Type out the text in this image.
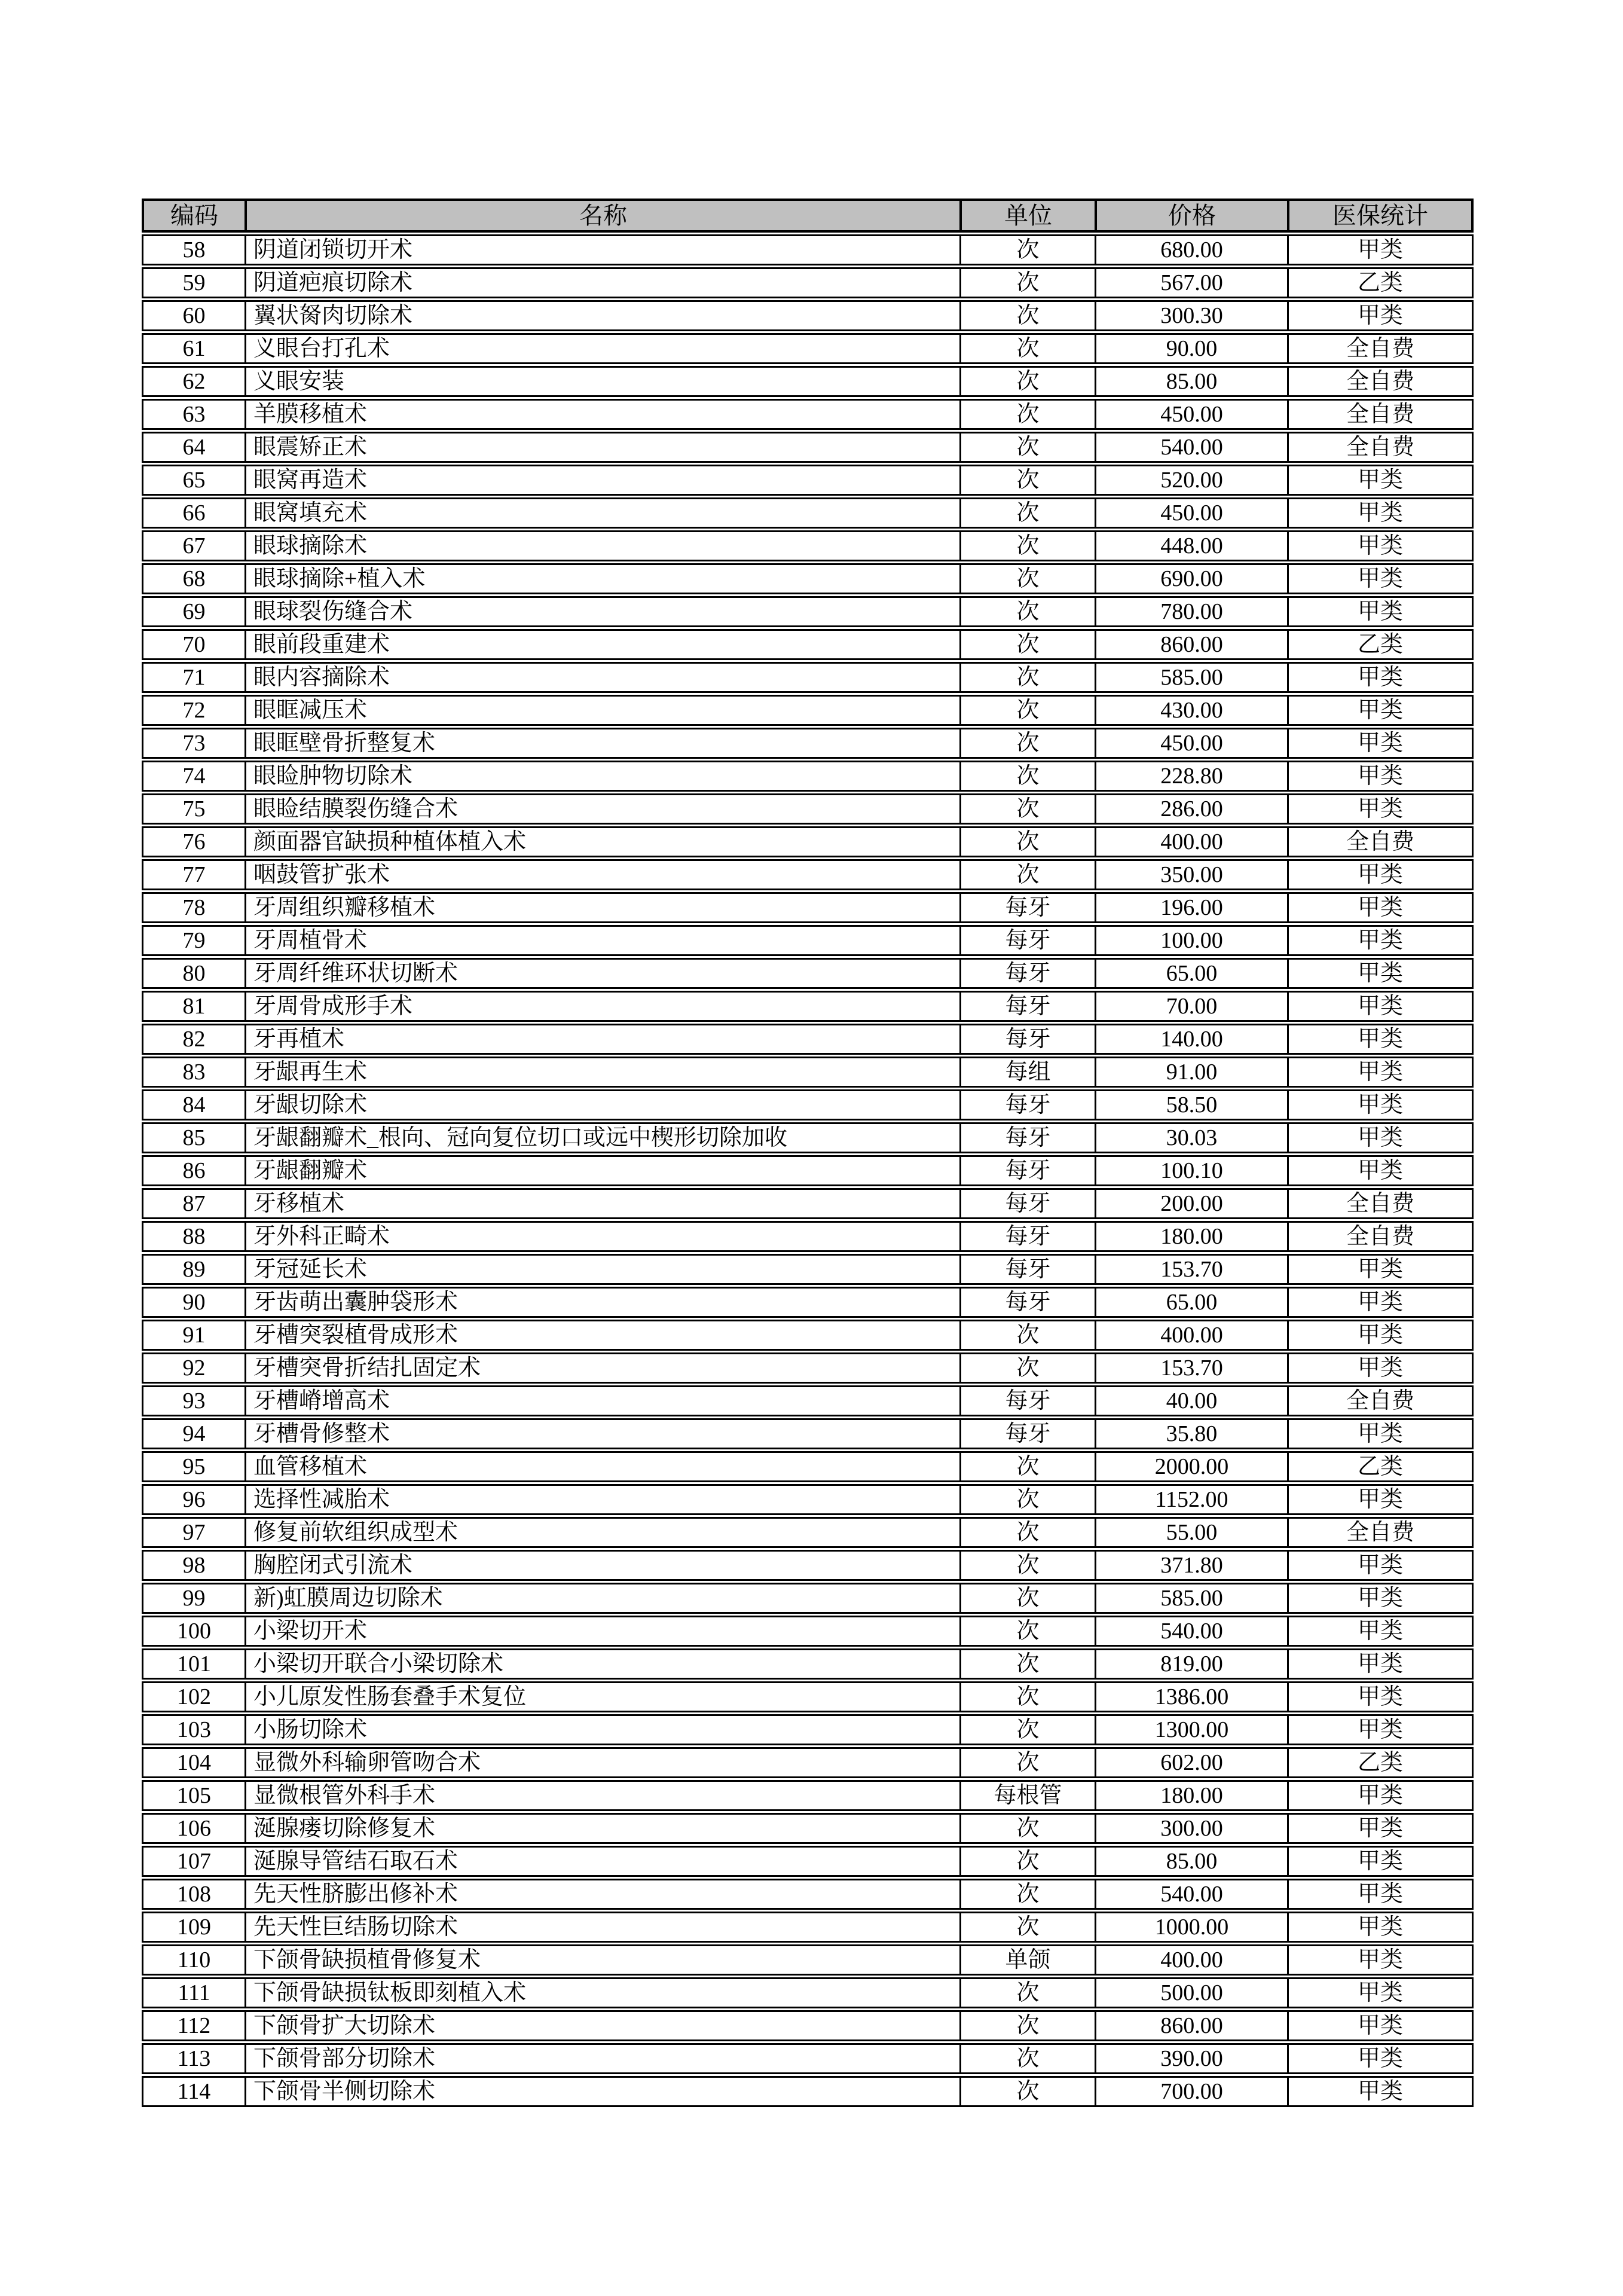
编码	名称	单位	价格	医保统计
58	阴道闭锁切开术	次	680.00	甲类
59	阴道疤痕切除术	次	567.00	乙类
60	翼状胬肉切除术	次	300.30	甲类
61	义眼台打孔术	次	90.00	全自费
62	义眼安装	次	85.00	全自费
63	羊膜移植术	次	450.00	全自费
64	眼震矫正术	次	540.00	全自费
65	眼窝再造术	次	520.00	甲类
66	眼窝填充术	次	450.00	甲类
67	眼球摘除术	次	448.00	甲类
68	眼球摘除+植入术	次	690.00	甲类
69	眼球裂伤缝合术	次	780.00	甲类
70	眼前段重建术	次	860.00	乙类
71	眼内容摘除术	次	585.00	甲类
72	眼眶减压术	次	430.00	甲类
73	眼眶壁骨折整复术	次	450.00	甲类
74	眼睑肿物切除术	次	228.80	甲类
75	眼睑结膜裂伤缝合术	次	286.00	甲类
76	颜面器官缺损种植体植入术	次	400.00	全自费
77	咽鼓管扩张术	次	350.00	甲类
78	牙周组织瓣移植术	每牙	196.00	甲类
79	牙周植骨术	每牙	100.00	甲类
80	牙周纤维环状切断术	每牙	65.00	甲类
81	牙周骨成形手术	每牙	70.00	甲类
82	牙再植术	每牙	140.00	甲类
83	牙龈再生术	每组	91.00	甲类
84	牙龈切除术	每牙	58.50	甲类
85	牙龈翻瓣术_根向、冠向复位切口或远中楔形切除加收	每牙	30.03	甲类
86	牙龈翻瓣术	每牙	100.10	甲类
87	牙移植术	每牙	200.00	全自费
88	牙外科正畸术	每牙	180.00	全自费
89	牙冠延长术	每牙	153.70	甲类
90	牙齿萌出囊肿袋形术	每牙	65.00	甲类
91	牙槽突裂植骨成形术	次	400.00	甲类
92	牙槽突骨折结扎固定术	次	153.70	甲类
93	牙槽嵴增高术	每牙	40.00	全自费
94	牙槽骨修整术	每牙	35.80	甲类
95	血管移植术	次	2000.00	乙类
96	选择性减胎术	次	1152.00	甲类
97	修复前软组织成型术	次	55.00	全自费
98	胸腔闭式引流术	次	371.80	甲类
99	新)虹膜周边切除术	次	585.00	甲类
100	小梁切开术	次	540.00	甲类
101	小梁切开联合小梁切除术	次	819.00	甲类
102	小儿原发性肠套叠手术复位	次	1386.00	甲类
103	小肠切除术	次	1300.00	甲类
104	显微外科输卵管吻合术	次	602.00	乙类
105	显微根管外科手术	每根管	180.00	甲类
106	涎腺瘘切除修复术	次	300.00	甲类
107	涎腺导管结石取石术	次	85.00	甲类
108	先天性脐膨出修补术	次	540.00	甲类
109	先天性巨结肠切除术	次	1000.00	甲类
110	下颌骨缺损植骨修复术	单颌	400.00	甲类
111	下颌骨缺损钛板即刻植入术	次	500.00	甲类
112	下颌骨扩大切除术	次	860.00	甲类
113	下颌骨部分切除术	次	390.00	甲类
114	下颌骨半侧切除术	次	700.00	甲类
